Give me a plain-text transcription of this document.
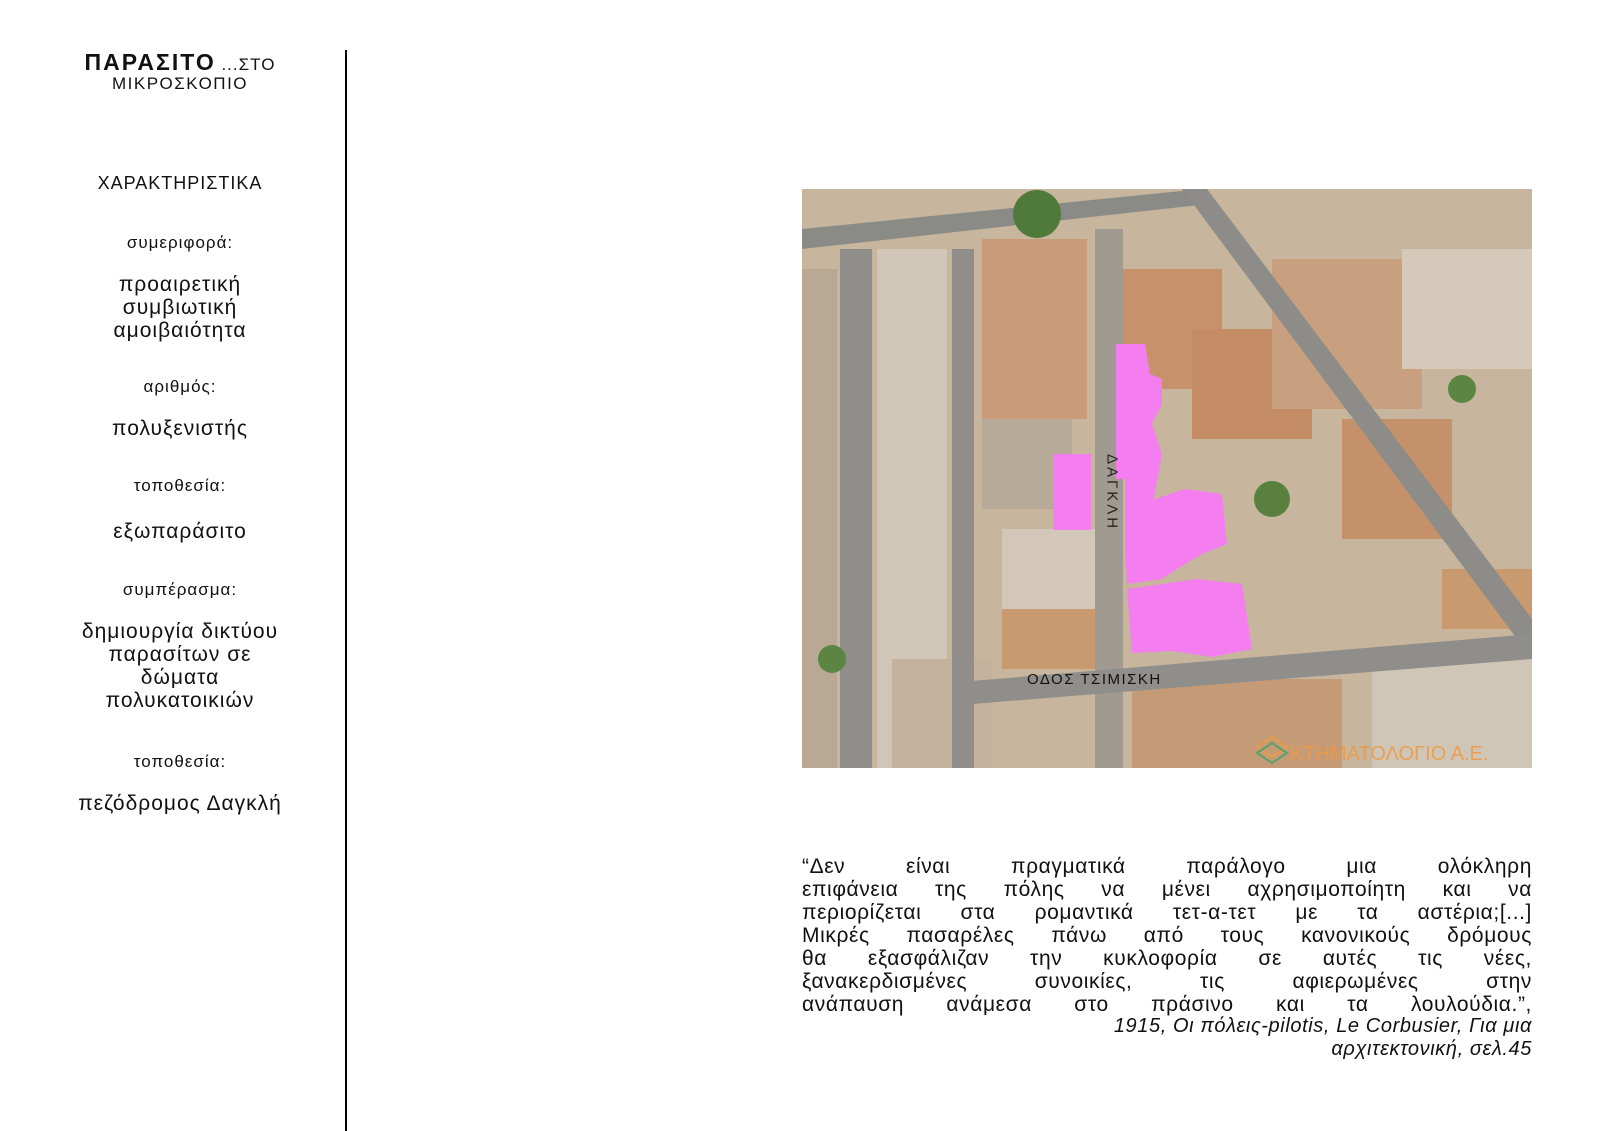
ΠΑΡΑΣΙΤΟ ...ΣΤΟ
ΜΙΚΡΟΣΚΟΠΙΟ
ΧΑΡΑΚΤΗΡΙΣΤΙΚΑ
συμεριφορά:
προαιρετική
συμβιωτική
αμοιβαιότητα
αριθμός:
πολυξενιστής
τοποθεσία:
εξωπαράσιτο
συμπέρασμα:
δημιουργία δικτύου
παρασίτων σε
δώματα
πολυκατοικιών
τοποθεσία:
πεζόδρομος Δαγκλή
ΔΑΓΚΛΗ
ΟΔΟΣ ΤΣΙΜΙΣΚΗ
ΚΤΗΜΑΤΟΛΟΓΙΟ Α.Ε.
“Δεν είναι πραγματικά παράλογο μια ολόκληρη
επιφάνεια της πόλης να μένει αχρησιμοποίητη και να
περιορίζεται στα ρομαντικά τετ-α-τετ με τα αστέρια;[...]
Μικρές πασαρέλες πάνω από τους κανονικούς δρόμους
θα εξασφάλιζαν την κυκλοφορία σε αυτές τις νέες,
ξανακερδισμένες συνοικίες, τις αφιερωμένες στην
ανάπαυση ανάμεσα στο πράσινο και τα λουλούδια.”,
1915, Οι πόλεις-pilotis, Le Corbusier, Για μια
αρχιτεκτονική, σελ.45
